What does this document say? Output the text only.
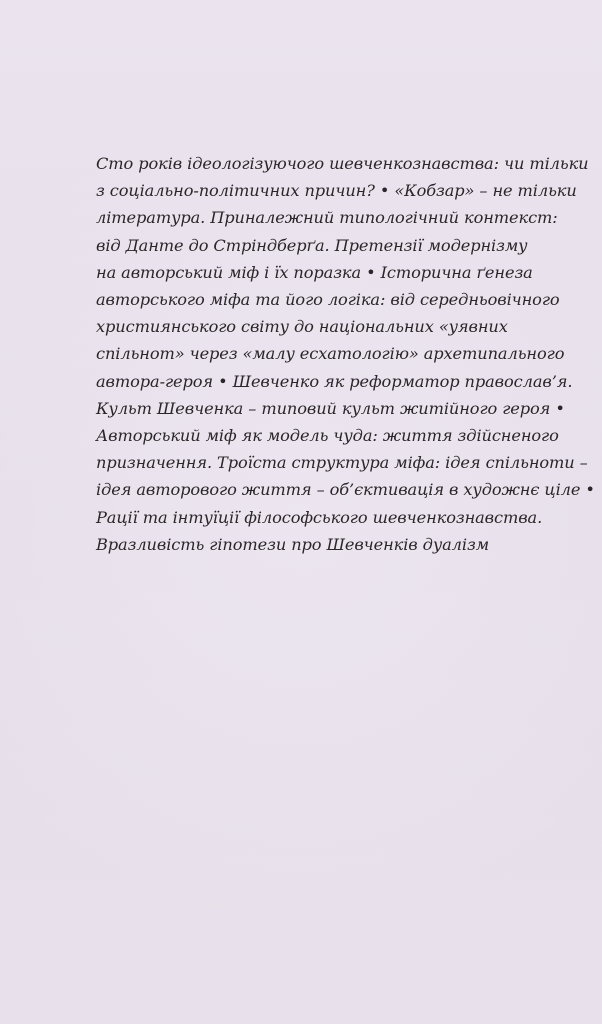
Сто років ідеологізуючого шевченкознавства: чи тільки
з соціально-політичних причин? • «Кобзар» – не тільки
література. Приналежний типологічний контекст:
від Данте до Стріндберґа. Претензії модернізму
на авторський міф і їх поразка • Історична ґенеза
авторського міфа та його логіка: від середньовічного
християнського світу до національних «уявних
спільнот» через «малу есхатологію» архетипального
автора-героя • Шевченко як реформатор православ’я.
Культ Шевченка – типовий культ житійного героя •
Авторський міф як модель чуда: життя здійсненого
призначення. Троїста структура міфа: ідея спільноти –
ідея авторового життя – об’єктивація в художнє ціле •
Рації та інтуїції філософського шевченкознавства.
Вразливість гіпотези про Шевченків дуалізм
